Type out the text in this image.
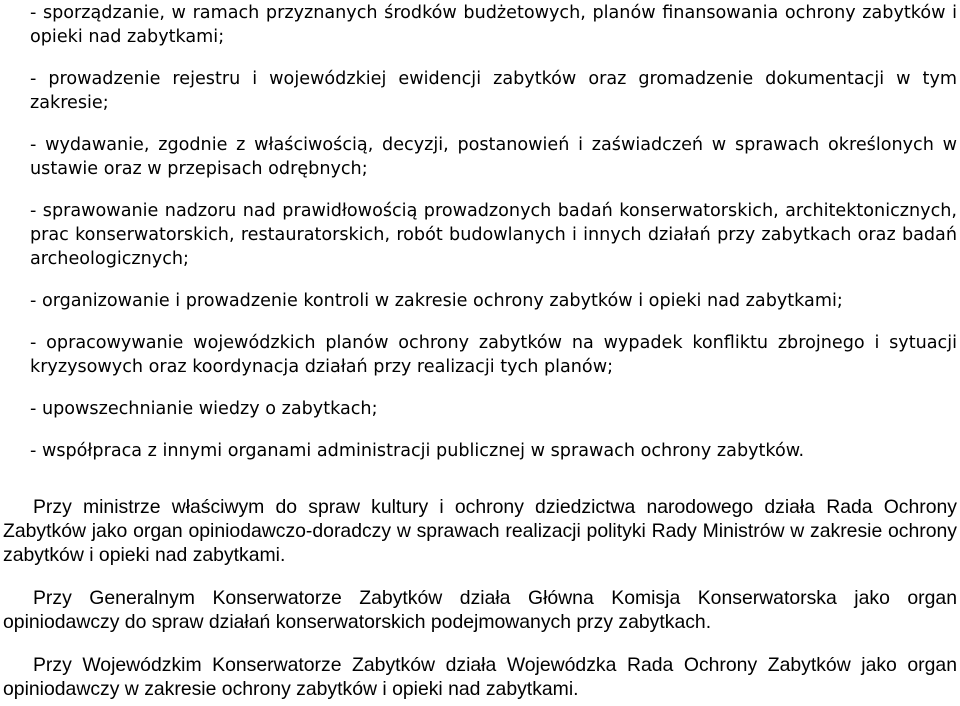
- sporządzanie, w ramach przyznanych środków budżetowych, planów finansowania ochrony zabytków i opieki nad zabytkami;
- prowadzenie rejestru i wojewódzkiej ewidencji zabytków oraz gromadzenie dokumentacji w tym zakresie;
- wydawanie, zgodnie z właściwością, decyzji, postanowień i zaświadczeń w sprawach określonych w ustawie oraz w przepisach odrębnych;
- sprawowanie nadzoru nad prawidłowością prowadzonych badań konserwatorskich, architektonicznych, prac konserwatorskich, restauratorskich, robót budowlanych i innych działań przy zabytkach oraz badań archeologicznych;
- organizowanie i prowadzenie kontroli w zakresie ochrony zabytków i opieki nad zabytkami;
- opracowywanie wojewódzkich planów ochrony zabytków na wypadek konfliktu zbrojnego i sytuacji kryzysowych oraz koordynacja działań przy realizacji tych planów;
- upowszechnianie wiedzy o zabytkach;
- współpraca z innymi organami administracji publicznej w sprawach ochrony zabytków.

Przy ministrze właściwym do spraw kultury i ochrony dziedzictwa narodowego działa Rada Ochrony Zabytków jako organ opiniodawczo-doradczy w sprawach realizacji polityki Rady Ministrów w zakresie ochrony zabytków i opieki nad zabytkami.

Przy Generalnym Konserwatorze Zabytków działa Główna Komisja Konserwatorska jako organ opiniodawczy do spraw działań konserwatorskich podejmowanych przy zabytkach.

Przy Wojewódzkim Konserwatorze Zabytków działa Wojewódzka Rada Ochrony Zabytków jako organ opiniodawczy w zakresie ochrony zabytków i opieki nad zabytkami.
